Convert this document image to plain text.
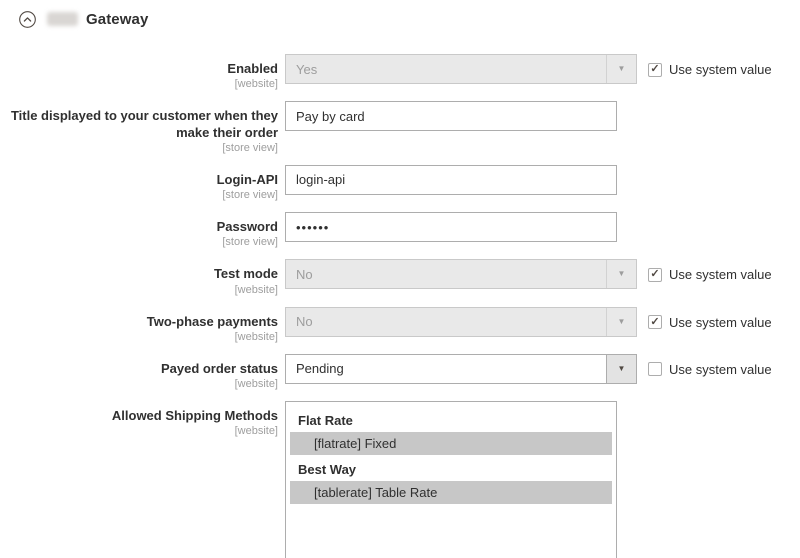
Gateway
Enabled
[website]
Yes	▼ ✓	Use system value
Title displayed to your customer when they make their order
[store view]
Pay by card
Login-API
[store view]
login-api
Password
[store view]
••••••
Test mode
[website]
No	▼ ✓	Use system value
Two-phase payments
[website]
No	▼ ✓	Use system value
Payed order status
[website]
Pending	▼	Use system value
Allowed Shipping Methods
[website]
Flat Rate
[flatrate] Fixed
Best Way
[tablerate] Table Rate
